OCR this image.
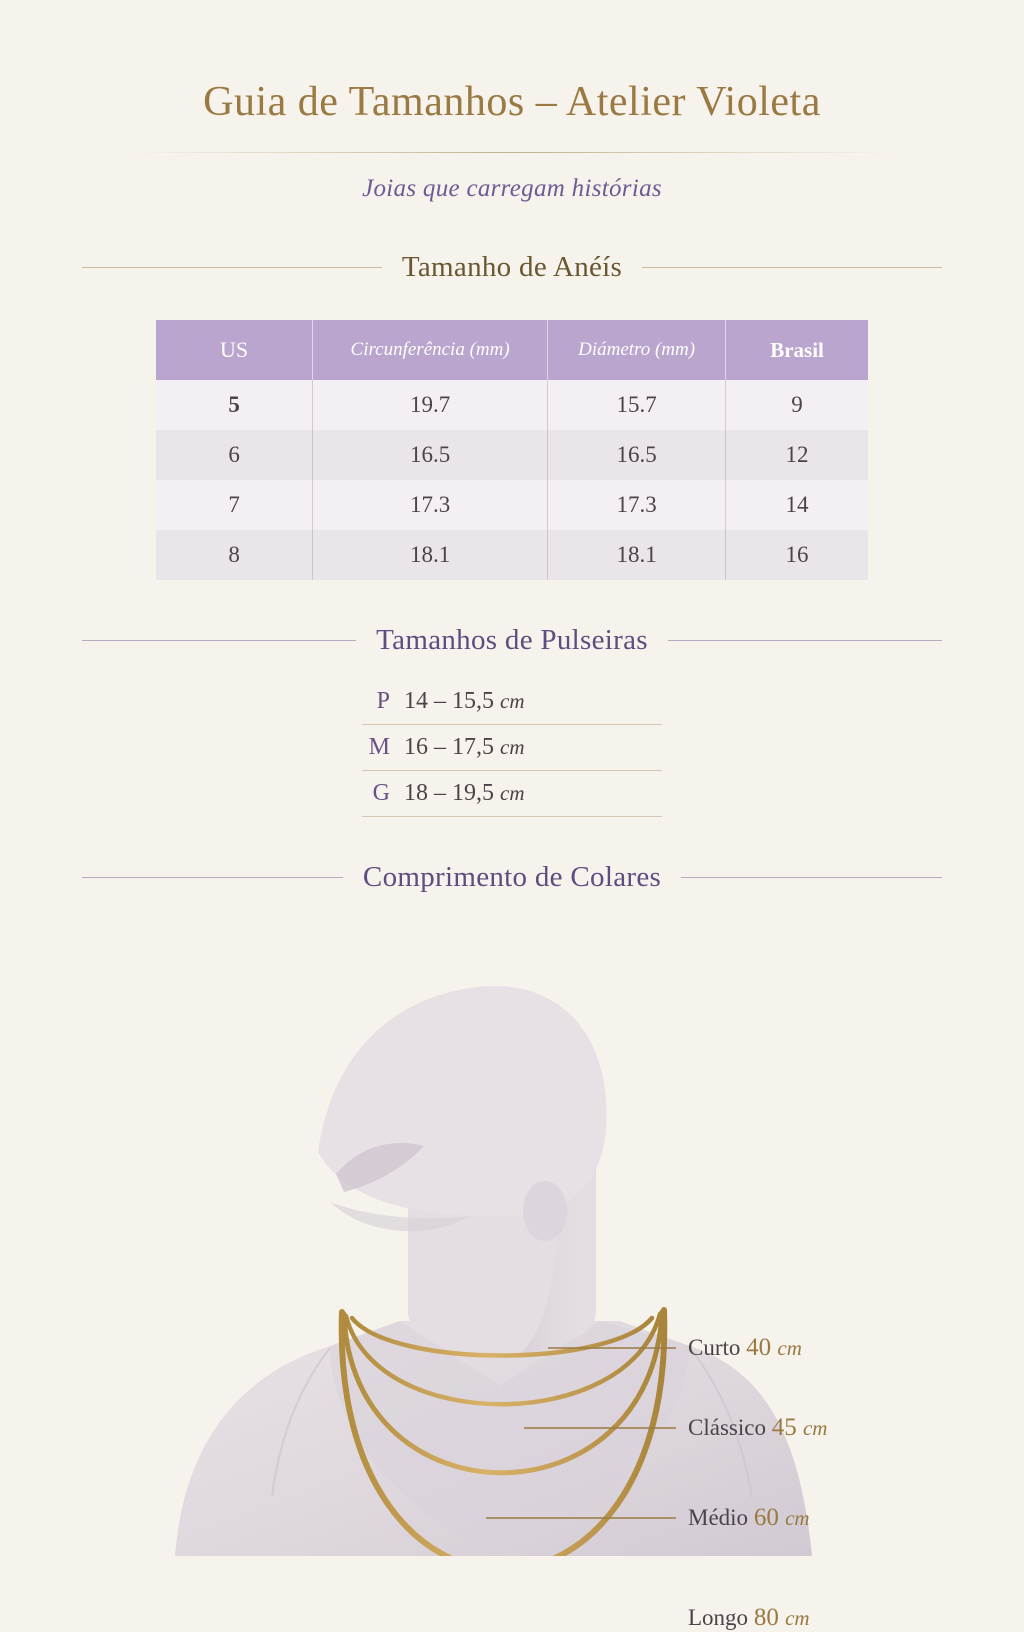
Guia de Tamanhos – Atelier Violeta
Joias que carregam histórias
Tamanho de Anéís
US	Circunferência (mm)	Diámetro (mm)	Brasil
5	19.7	15.7	9
6	16.5	16.5	12
7	17.3	17.3	14
8	18.1	18.1	16
Tamanhos de Pulseiras
P 14 – 15,5 cm
M 16 – 17,5 cm
G 18 – 19,5 cm
Comprimento de Colares
Curto 40 cm
Clássico 45 cm
Médio 60 cm
Longo 80 cm
